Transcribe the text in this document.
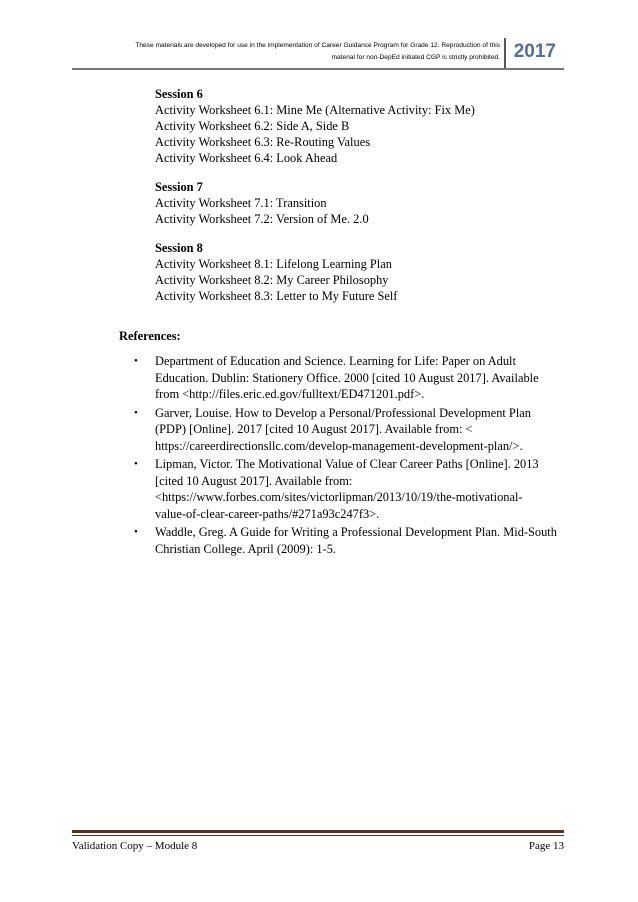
These materials are developed for use in the implementation of Career Guidance Program for Grade 12. Reproduction of this
material for non-DepEd initiated CGP is strictly prohibited. 2017
Session 6
Activity Worksheet 6.1: Mine Me (Alternative Activity: Fix Me)
Activity Worksheet 6.2: Side A, Side B
Activity Worksheet 6.3: Re-Routing Values
Activity Worksheet 6.4: Look Ahead
Session 7
Activity Worksheet 7.1: Transition
Activity Worksheet 7.2: Version of Me. 2.0
Session 8
Activity Worksheet 8.1: Lifelong Learning Plan
Activity Worksheet 8.2: My Career Philosophy
Activity Worksheet 8.3: Letter to My Future Self
References:
• Department of Education and Science. Learning for Life: Paper on Adult
Education. Dublin: Stationery Office. 2000 [cited 10 August 2017]. Available
from <http://files.eric.ed.gov/fulltext/ED471201.pdf>.
• Garver, Louise. How to Develop a Personal/Professional Development Plan
(PDP) [Online]. 2017 [cited 10 August 2017]. Available from: <
https://careerdirectionsllc.com/develop-management-development-plan/>.
• Lipman, Victor. The Motivational Value of Clear Career Paths [Online]. 2013
[cited 10 August 2017]. Available from:
<https://www.forbes.com/sites/victorlipman/2013/10/19/the-motivational-
value-of-clear-career-paths/#271a93c247f3>.
• Waddle, Greg. A Guide for Writing a Professional Development Plan. Mid-South
Christian College. April (2009): 1-5.
Validation Copy – Module 8	Page 13
